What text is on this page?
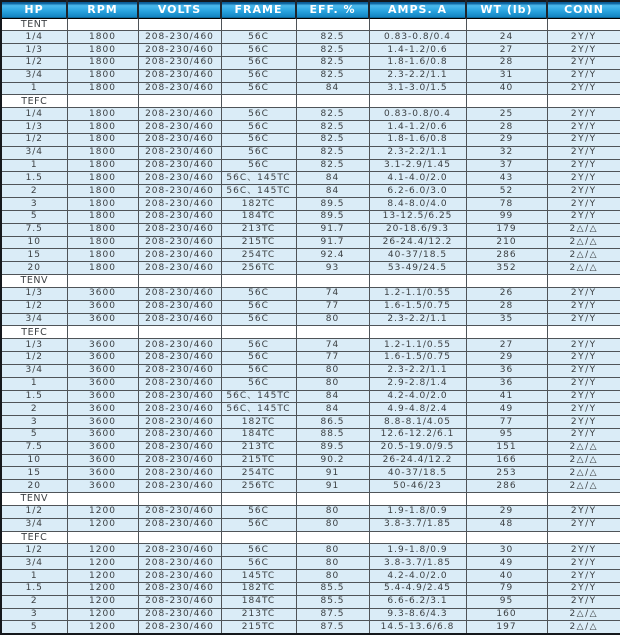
HP	RPM	VOLTS	FRAME	EFF. %	AMPS. A	WT (lb)	CONN
TENT							
1/4	1800	208-230/460	56C	82.5	0.83-0.8/0.4	24	2Y/Y
1/3	1800	208-230/460	56C	82.5	1.4-1.2/0.6	27	2Y/Y
1/2	1800	208-230/460	56C	82.5	1.8-1.6/0.8	28	2Y/Y
3/4	1800	208-230/460	56C	82.5	2.3-2.2/1.1	31	2Y/Y
1	1800	208-230/460	56C	84	3.1-3.0/1.5	40	2Y/Y
TEFC							
1/4	1800	208-230/460	56C	82.5	0.83-0.8/0.4	25	2Y/Y
1/3	1800	208-230/460	56C	82.5	1.4-1.2/0.6	28	2Y/Y
1/2	1800	208-230/460	56C	82.5	1.8-1.6/0.8	29	2Y/Y
3/4	1800	208-230/460	56C	82.5	2.3-2.2/1.1	32	2Y/Y
1	1800	208-230/460	56C	82.5	3.1-2.9/1.45	37	2Y/Y
1.5	1800	208-230/460	56C、145TC	84	4.1-4.0/2.0	43	2Y/Y
2	1800	208-230/460	56C、145TC	84	6.2-6.0/3.0	52	2Y/Y
3	1800	208-230/460	182TC	89.5	8.4-8.0/4.0	78	2Y/Y
5	1800	208-230/460	184TC	89.5	13-12.5/6.25	99	2Y/Y
7.5	1800	208-230/460	213TC	91.7	20-18.6/9.3	179	2△/△
10	1800	208-230/460	215TC	91.7	26-24.4/12.2	210	2△/△
15	1800	208-230/460	254TC	92.4	40-37/18.5	286	2△/△
20	1800	208-230/460	256TC	93	53-49/24.5	352	2△/△
TENV							
1/3	3600	208-230/460	56C	74	1.2-1.1/0.55	26	2Y/Y
1/2	3600	208-230/460	56C	77	1.6-1.5/0.75	28	2Y/Y
3/4	3600	208-230/460	56C	80	2.3-2.2/1.1	35	2Y/Y
TEFC							
1/3	3600	208-230/460	56C	74	1.2-1.1/0.55	27	2Y/Y
1/2	3600	208-230/460	56C	77	1.6-1.5/0.75	29	2Y/Y
3/4	3600	208-230/460	56C	80	2.3-2.2/1.1	36	2Y/Y
1	3600	208-230/460	56C	80	2.9-2.8/1.4	36	2Y/Y
1.5	3600	208-230/460	56C、145TC	84	4.2-4.0/2.0	41	2Y/Y
2	3600	208-230/460	56C、145TC	84	4.9-4.8/2.4	49	2Y/Y
3	3600	208-230/460	182TC	86.5	8.8-8.1/4.05	77	2Y/Y
5	3600	208-230/460	184TC	88.5	12.6-12.2/6.1	95	2Y/Y
7.5	3600	208-230/460	213TC	89.5	20.5-19.0/9.5	151	2△/△
10	3600	208-230/460	215TC	90.2	26-24.4/12.2	166	2△/△
15	3600	208-230/460	254TC	91	40-37/18.5	253	2△/△
20	3600	208-230/460	256TC	91	50-46/23	286	2△/△
TENV							
1/2	1200	208-230/460	56C	80	1.9-1.8/0.9	29	2Y/Y
3/4	1200	208-230/460	56C	80	3.8-3.7/1.85	48	2Y/Y
TEFC							
1/2	1200	208-230/460	56C	80	1.9-1.8/0.9	30	2Y/Y
3/4	1200	208-230/460	56C	80	3.8-3.7/1.85	49	2Y/Y
1	1200	208-230/460	145TC	80	4.2-4.0/2.0	40	2Y/Y
1.5	1200	208-230/460	182TC	85.5	5.4-4.9/2.45	79	2Y/Y
2	1200	208-230/460	184TC	85.5	6.6-6.2/3.1	95	2Y/Y
3	1200	208-230/460	213TC	87.5	9.3-8.6/4.3	160	2△/△
5	1200	208-230/460	215TC	87.5	14.5-13.6/6.8	197	2△/△
